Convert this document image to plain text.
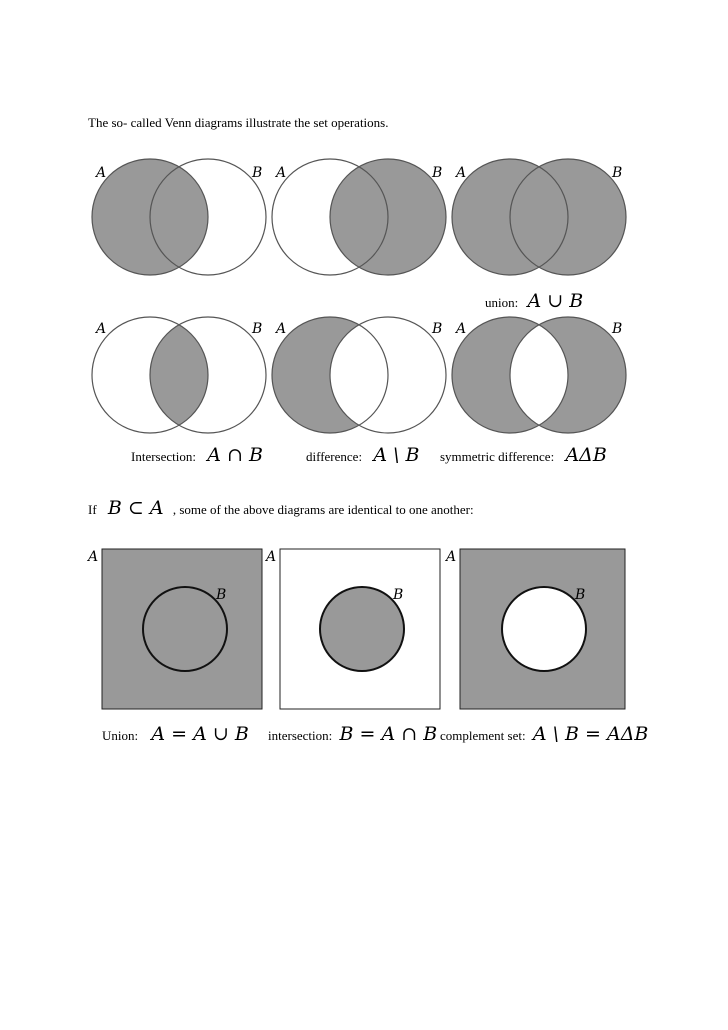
The so- called Venn diagrams illustrate the set operations.
A	B A	B A	B
union: A ∪ B
A	B A	B A	B
Intersection: A ∩ B	difference: A \ B symmetric difference: AΔB
If B ⊂ A , some of the above diagrams are identical to one another:
A
B
A
B
A
B
Union: A = A ∪ B intersection: B = A ∩ B complement set: A \ B = AΔB
